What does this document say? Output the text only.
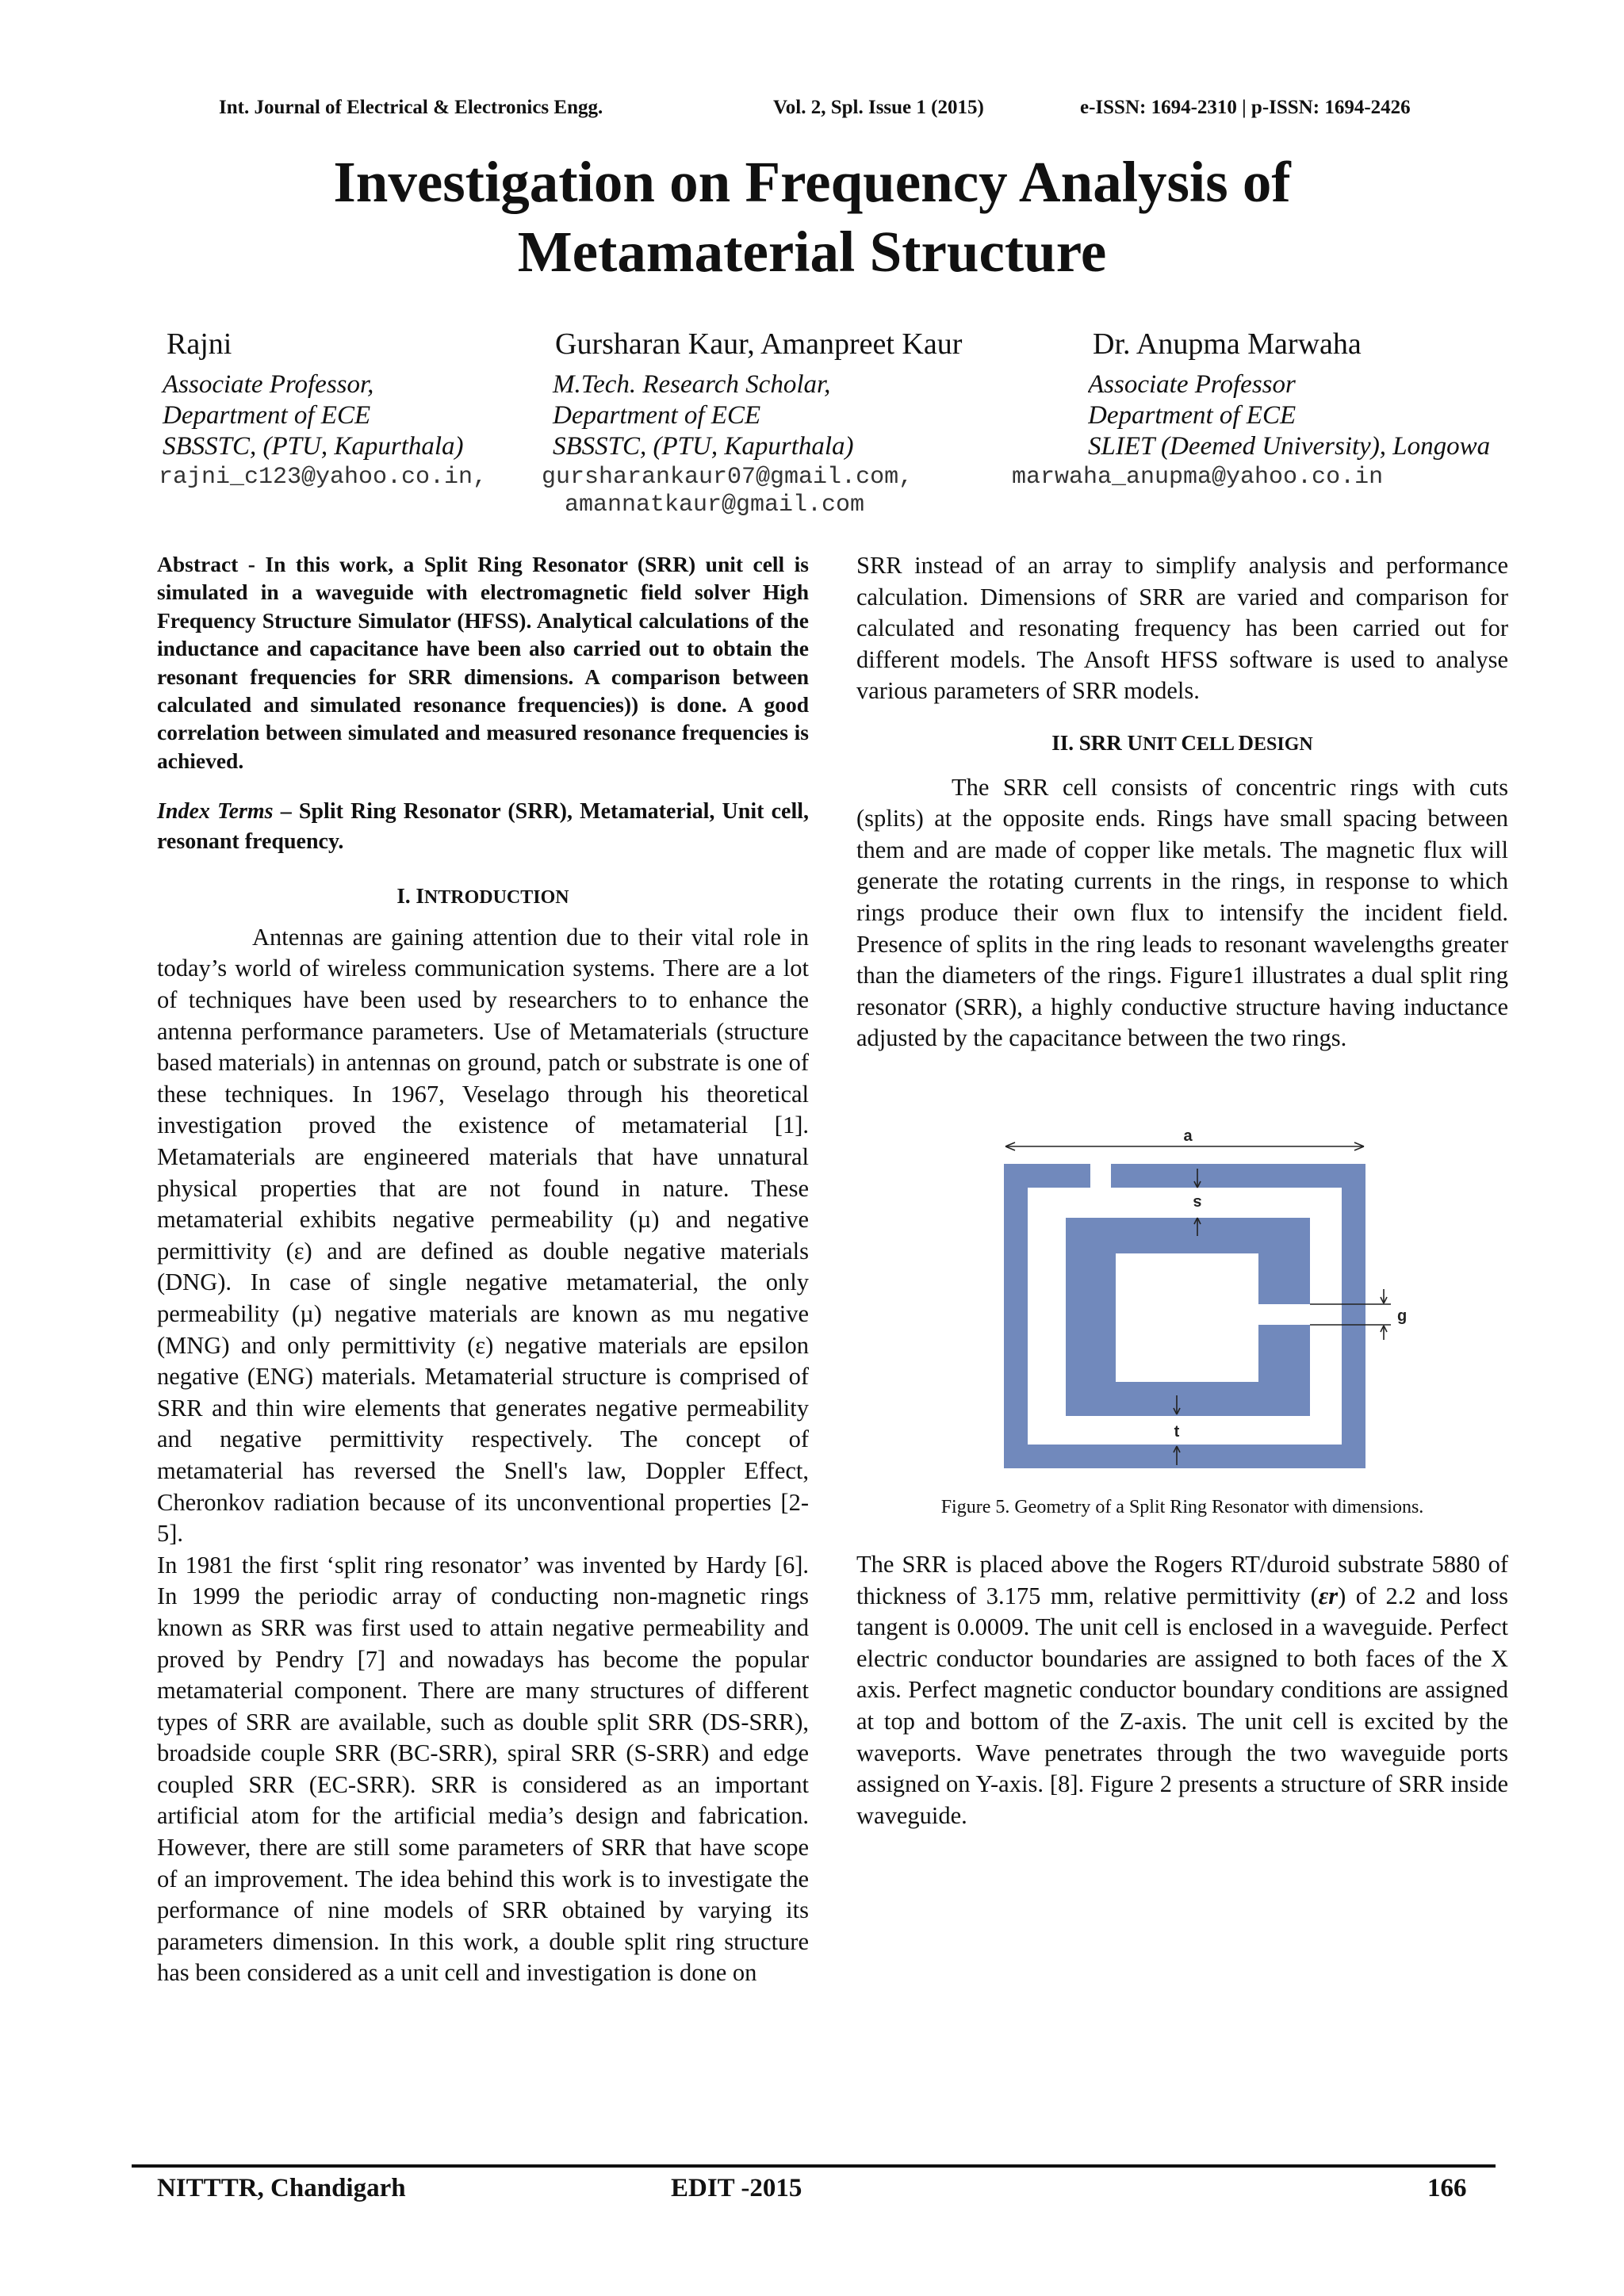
Int. Journal of Electrical & Electronics Engg.	Vol. 2, Spl. Issue 1 (2015)	e-ISSN: 1694-2310 | p-ISSN: 1694-2426
Investigation on Frequency Analysis of
Metamaterial Structure
Rajni
Associate Professor,
Department of ECE
SBSSTC, (PTU, Kapurthala)
rajni_c123@yahoo.co.in,
Gursharan Kaur, Amanpreet Kaur
M.Tech. Research Scholar,
Department of ECE
SBSSTC, (PTU, Kapurthala)
gursharankaur07@gmail.com,
amannatkaur@gmail.com
Dr. Anupma Marwaha
Associate Professor
Department of ECE
SLIET (Deemed University), Longowa
marwaha_anupma@yahoo.co.in

Abstract - In this work, a Split Ring Resonator (SRR) unit cell is simulated in a waveguide with electromagnetic field solver High Frequency Structure Simulator (HFSS). Analytical calculations of the inductance and capacitance have been also carried out to obtain the resonant frequencies for SRR dimensions. A comparison between calculated and simulated resonance frequencies)) is done. A good correlation between simulated and measured resonance frequencies is achieved.

Index Terms – Split Ring Resonator (SRR), Metamaterial, Unit cell, resonant frequency.

I. INTRODUCTION

Antennas are gaining attention due to their vital role in today’s world of wireless communication systems. There are a lot of techniques have been used by researchers to to enhance the antenna performance parameters. Use of Metamaterials (structure based materials) in antennas on ground, patch or substrate is one of these techniques. In 1967, Veselago through his theoretical investigation proved the existence of metamaterial [1]. Metamaterials are engineered materials that have unnatural physical properties that are not found in nature. These metamaterial exhibits negative permeability (µ) and negative permittivity (ε) and are defined as double negative materials (DNG). In case of single negative metamaterial, the only permeability (µ) negative materials are known as mu negative (MNG) and only permittivity (ε) negative materials are epsilon negative (ENG) materials. Metamaterial structure is comprised of SRR and thin wire elements that generates negative permeability and negative permittivity respectively. The concept of metamaterial has reversed the Snell's law, Doppler Effect, Cheronkov radiation because of its unconventional properties [2-5].

In 1981 the first ‘split ring resonator’ was invented by Hardy [6]. In 1999 the periodic array of conducting non-magnetic rings known as SRR was first used to attain negative permeability and proved by Pendry [7] and nowadays has become the popular metamaterial component. There are many structures of different types of SRR are available, such as double split SRR (DS-SRR), broadside couple SRR (BC-SRR), spiral SRR (S-SRR) and edge coupled SRR (EC-SRR). SRR is considered as an important artificial atom for the artificial media’s design and fabrication. However, there are still some parameters of SRR that have scope of an improvement. The idea behind this work is to investigate the performance of nine models of SRR obtained by varying its parameters dimension. In this work, a double split ring structure has been considered as a unit cell and investigation is done on

SRR instead of an array to simplify analysis and performance calculation. Dimensions of SRR are varied and comparison for calculated and resonating frequency has been carried out for different models. The Ansoft HFSS software is used to analyse various parameters of SRR models.

II. SRR UNIT CELL DESIGN

The SRR cell consists of concentric rings with cuts (splits) at the opposite ends. Rings have small spacing between them and are made of copper like metals. The magnetic flux will generate the rotating currents in the rings, in response to which rings produce their own flux to intensify the incident field. Presence of splits in the ring leads to resonant wavelengths greater than the diameters of the rings. Figure1 illustrates a dual split ring resonator (SRR), a highly conductive structure having inductance adjusted by the capacitance between the two rings.

a
s
g
t
Figure 5. Geometry of a Split Ring Resonator with dimensions.

The SRR is placed above the Rogers RT/duroid substrate 5880 of thickness of 3.175 mm, relative permittivity (εr) of 2.2 and loss tangent is 0.0009. The unit cell is enclosed in a waveguide. Perfect electric conductor boundaries are assigned to both faces of the X axis. Perfect magnetic conductor boundary conditions are assigned at top and bottom of the Z-axis. The unit cell is excited by the waveports. Wave penetrates through the two waveguide ports assigned on Y-axis. [8]. Figure 2 presents a structure of SRR inside waveguide.

NITTTR, Chandigarh	EDIT -2015	166
